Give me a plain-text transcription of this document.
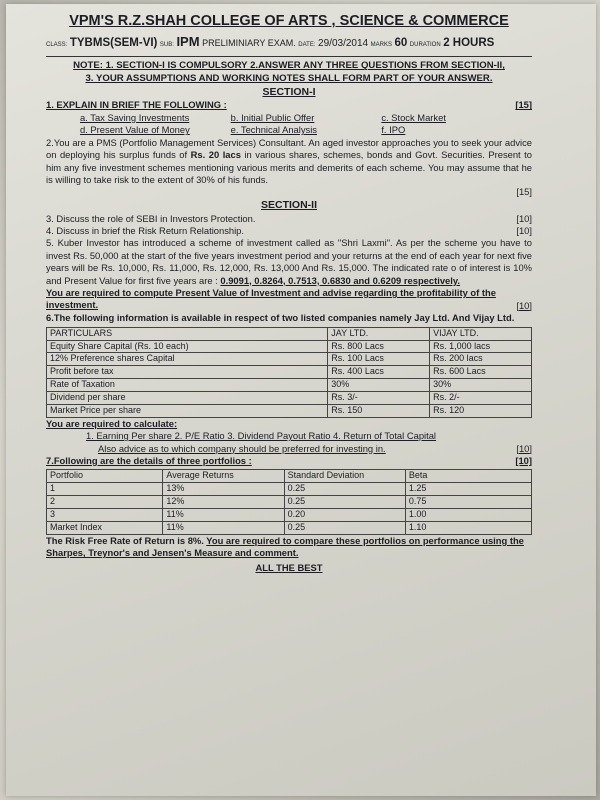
VPM'S R.Z.SHAH COLLEGE OF ARTS , SCIENCE & COMMERCE

CLASS: TYBMS(SEM-VI) SUB: IPM PRELIMINIARY EXAM. DATE: 29/03/2014 MARKS 60 DURATION 2 HOURS

NOTE: 1. SECTION-I IS COMPULSORY 2.ANSWER ANY THREE QUESTIONS FROM SECTION-II,

3. YOUR ASSUMPTIONS AND WORKING NOTES SHALL FORM PART OF YOUR ANSWER.

SECTION-I

1. EXPLAIN IN BRIEF THE FOLLOWING :	[15]
a. Tax Saving Investments	b. Initial Public Offer	c. Stock Market
d. Present Value of Money	e. Technical Analysis	f. IPO

2.You are a PMS (Portfolio Management Services) Consultant. An aged investor approaches you to seek your advice on deploying his surplus funds of Rs. 20 lacs in various shares, schemes, bonds and Govt. Securities. Present to him any five investment schemes mentioning various merits and demerits of each scheme. You may assume that he is willing to take risk to the extent of 30% of his funds.

[15]

SECTION-II

3. Discuss the role of SEBI in Investors Protection.	[10]
4. Discuss in brief the Risk Return Relationship.	[10]

5. Kuber Investor has introduced a scheme of investment called as "Shri Laxmi". As per the scheme you have to invest Rs. 50,000 at the start of the five years investment period and your returns at the end of each year for next five years will be Rs. 10,000, Rs. 11,000, Rs. 12,000, Rs. 13,000 And Rs. 15,000. The indicated rate o of interest is 10% and Present Value for first five years are : 0.9091, 0.8264, 0.7513, 0.6830 and 0.6209 respectively.

You are required to compute Present Value of Investment and advise regarding the profitability of the investment.	[10]

6.The following information is available in respect of two listed companies namely Jay Ltd. And Vijay Ltd.

PARTICULARS	JAY LTD.	VIJAY LTD.
Equity Share Capital (Rs. 10 each)	Rs. 800 Lacs	Rs. 1,000 lacs
12% Preference shares Capital	Rs. 100 Lacs	Rs. 200 lacs
Profit before tax	Rs. 400 Lacs	Rs. 600 Lacs
Rate of Taxation	30%	30%
Dividend per share	Rs. 3/-	Rs. 2/-
Market Price per share	Rs. 150	Rs. 120

You are required to calculate:

1. Earning Per share 2. P/E Ratio 3. Dividend Payout Ratio 4. Return of Total Capital

Also advice as to which company should be preferred for investing in.	[10]
7.Following are the details of three portfolios :	[10]
Portfolio	Average Returns	Standard Deviation	Beta
1	13%	0.25	1.25
2	12%	0.25	0.75
3	11%	0.20	1.00
Market Index	11%	0.25	1.10

The Risk Free Rate of Return is 8%. You are required to compare these portfolios on performance using the Sharpes, Treynor's and Jensen's Measure and comment.

ALL THE BEST
